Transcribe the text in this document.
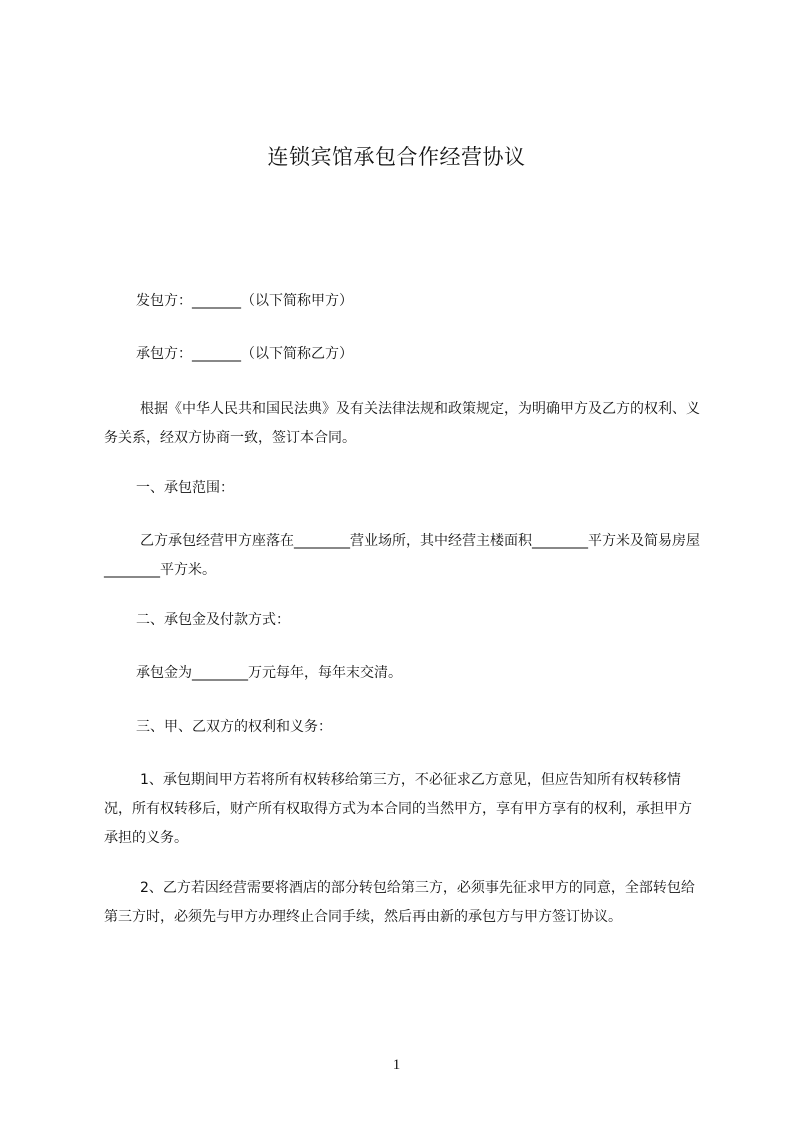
连锁宾馆承包合作经营协议
发包方：_______（以下简称甲方）
承包方：_______（以下简称乙方）
根据《中华人民共和国民法典》及有关法律法规和政策规定，为明确甲方及乙方的权利、义务关系，经双方协商一致，签订本合同。
一、承包范围：
乙方承包经营甲方座落在________营业场所，其中经营主楼面积________平方米及简易房屋________平方米。
二、承包金及付款方式：
承包金为________万元每年，每年末交清。
三、甲、乙双方的权利和义务：
1、承包期间甲方若将所有权转移给第三方，不必征求乙方意见，但应告知所有权转移情况，所有权转移后，财产所有权取得方式为本合同的当然甲方，享有甲方享有的权利，承担甲方承担的义务。
2、乙方若因经营需要将酒店的部分转包给第三方，必须事先征求甲方的同意，全部转包给第三方时，必须先与甲方办理终止合同手续，然后再由新的承包方与甲方签订协议。
1
